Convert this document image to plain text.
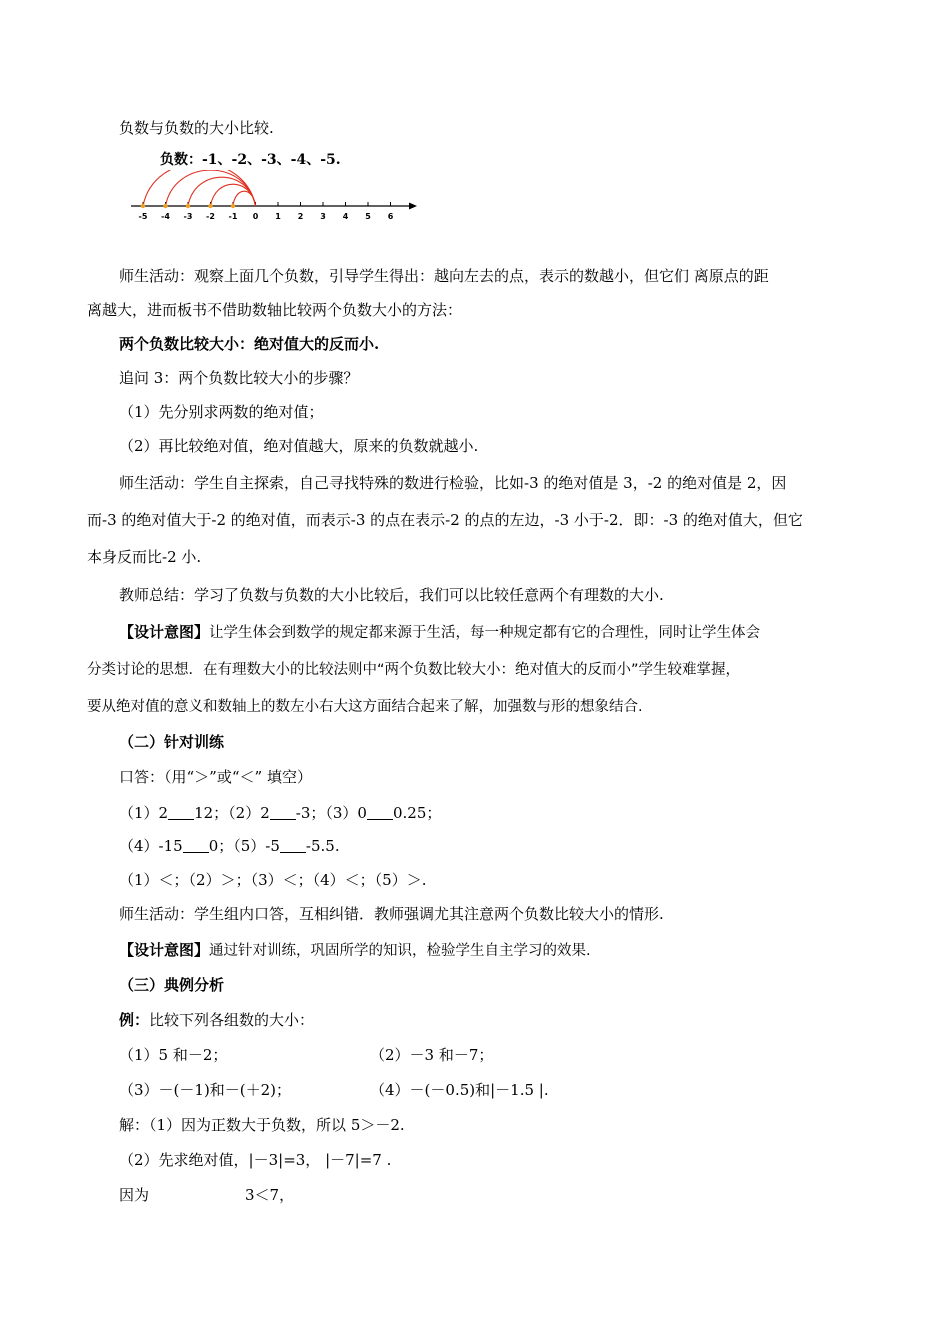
负数与负数的大小比较.
负数：-1、-2、-3、-4、-5.
-5 -4 -3 -2 -1 0 1 2 3 4 5 6
师生活动：观察上面几个负数，引导学生得出：越向左去的点，表示的数越小，但它们 离原点的距
离越大，进而板书不借助数轴比较两个负数大小的方法：
两个负数比较大小：绝对值大的反而小.
追问 3：两个负数比较大小的步骤？
（1）先分别求两数的绝对值；
（2）再比较绝对值，绝对值越大，原来的负数就越小.
师生活动：学生自主探索，自己寻找特殊的数进行检验，比如-3 的绝对值是 3，-2 的绝对值是 2，因
而-3 的绝对值大于-2 的绝对值，而表示-3 的点在表示-2 的点的左边，-3 小于-2．即：-3 的绝对值大，但它
本身反而比-2 小.
教师总结：学习了负数与负数的大小比较后，我们可以比较任意两个有理数的大小.
【设计意图】让学生体会到数学的规定都来源于生活，每一种规定都有它的合理性，同时让学生体会
分类讨论的思想．在有理数大小的比较法则中“两个负数比较大小：绝对值大的反而小”学生较难掌握，
要从绝对值的意义和数轴上的数左小右大这方面结合起来了解，加强数与形的想象结合.
（二）针对训练
口答：（用“＞”或“＜” 填空）
（1）2 12；（2）2 -3；（3）0 0.25；
（4）-15 0；（5）-5 -5.5.
（1）＜；（2）＞；（3）＜；（4）＜；（5）＞.
师生活动：学生组内口答，互相纠错．教师强调尤其注意两个负数比较大小的情形.
【设计意图】通过针对训练，巩固所学的知识，检验学生自主学习的效果.
（三）典例分析
例：比较下列各组数的大小：
（1）5 和－2；	（2）－3 和－7；
（3）－(－1)和－(＋2)；	（4）－(－0.5)和|－1.5 |.
解：（1）因为正数大于负数，所以 5＞－2.
（2）先求绝对值，|－3|=3， |－7|=7 .
因为	3＜7，
